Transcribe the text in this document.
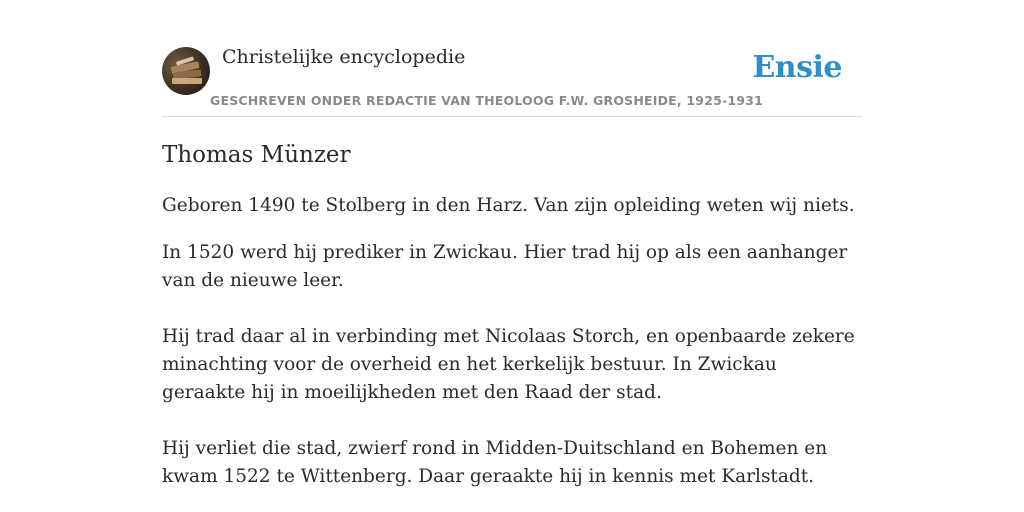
Christelijke encyclopedie
GESCHREVEN ONDER REDACTIE VAN THEOLOOG F.W. GROSHEIDE, 1925-1931
Ensie
Thomas Münzer

Geboren 1490 te Stolberg in den Harz. Van zijn opleiding weten wij niets.

In 1520 werd hij prediker in Zwickau. Hier trad hij op als een aanhanger van de nieuwe leer.

Hij trad daar al in verbinding met Nicolaas Storch, en openbaarde zekere minachting voor de overheid en het kerkelijk bestuur. In Zwickau geraakte hij in moeilijkheden met den Raad der stad.

Hij verliet die stad, zwierf rond in Midden-Duitschland en Bohemen en kwam 1522 te Wittenberg. Daar geraakte hij in kennis met Karlstadt.
